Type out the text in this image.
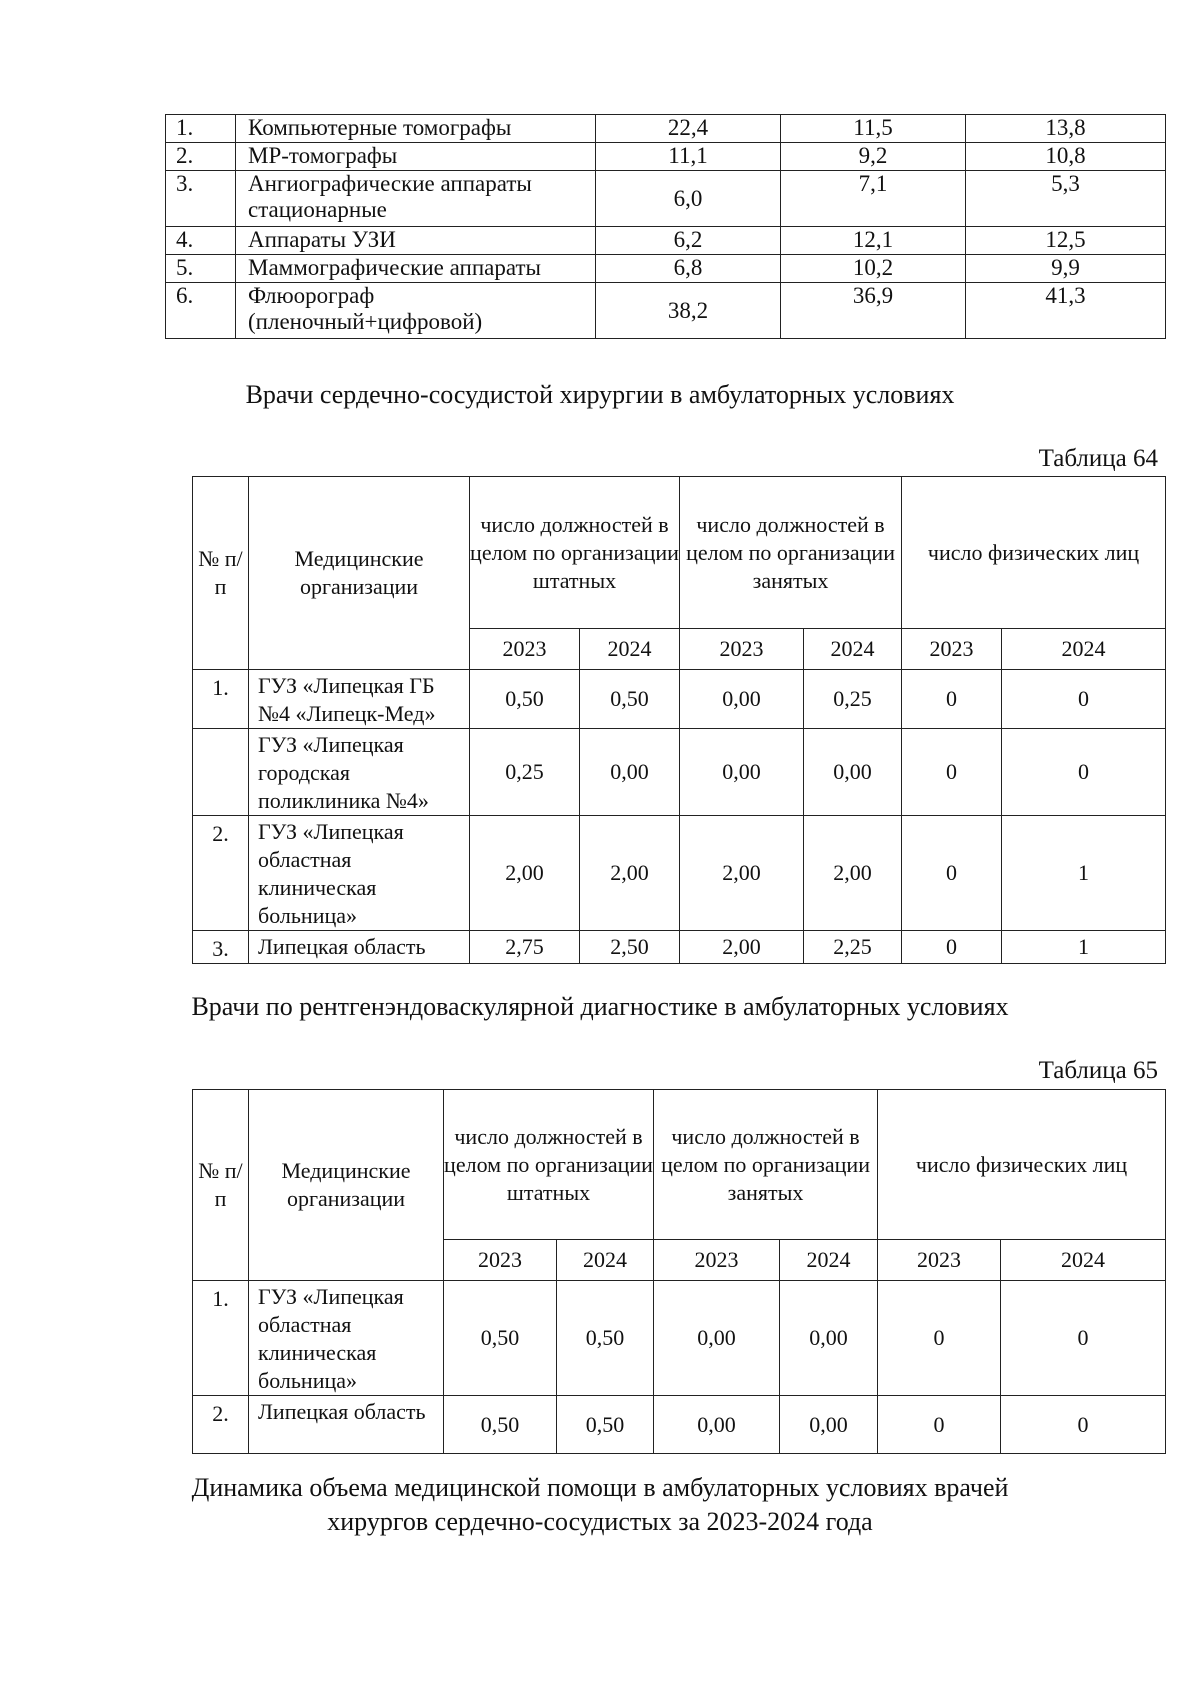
1.	Компьютерные томографы	22,4	11,5	13,8
2.	МР-томографы	11,1	9,2	10,8
3.	Ангиографические аппараты стационарные	6,0	7,1	5,3
4.	Аппараты УЗИ	6,2	12,1	12,5
5.	Маммографические аппараты	6,8	10,2	9,9
6.	Флюорограф (пленочный+цифровой)	38,2	36,9	41,3
Врачи сердечно-сосудистой хирургии в амбулаторных условиях
Таблица 64
№ п/п	Медицинские организации	число должностей в целом по организации штатных		число должностей в целом по организации занятых		число физических лиц	
		2023	2024	2023	2024	2023	2024
1.	ГУЗ «Липецкая ГБ №4 «Липецк-Мед»	0,50	0,50	0,00	0,25	0	0
	ГУЗ «Липецкая городская поликлиника №4»	0,25	0,00	0,00	0,00	0	0
2.	ГУЗ «Липецкая областная клиническая больница»	2,00	2,00	2,00	2,00	0	1
3.	Липецкая область	2,75	2,50	2,00	2,25	0	1
Врачи по рентгенэндоваскулярной диагностике в амбулаторных условиях
Таблица 65
№ п/п	Медицинские организации	число должностей в целом по организации штатных		число должностей в целом по организации занятых		число физических лиц	
		2023	2024	2023	2024	2023	2024
1.	ГУЗ «Липецкая областная клиническая больница»	0,50	0,50	0,00	0,00	0	0
2.	Липецкая область	0,50	0,50	0,00	0,00	0	0
Динамика объема медицинской помощи в амбулаторных условиях врачей
хирургов сердечно-сосудистых за 2023-2024 года
